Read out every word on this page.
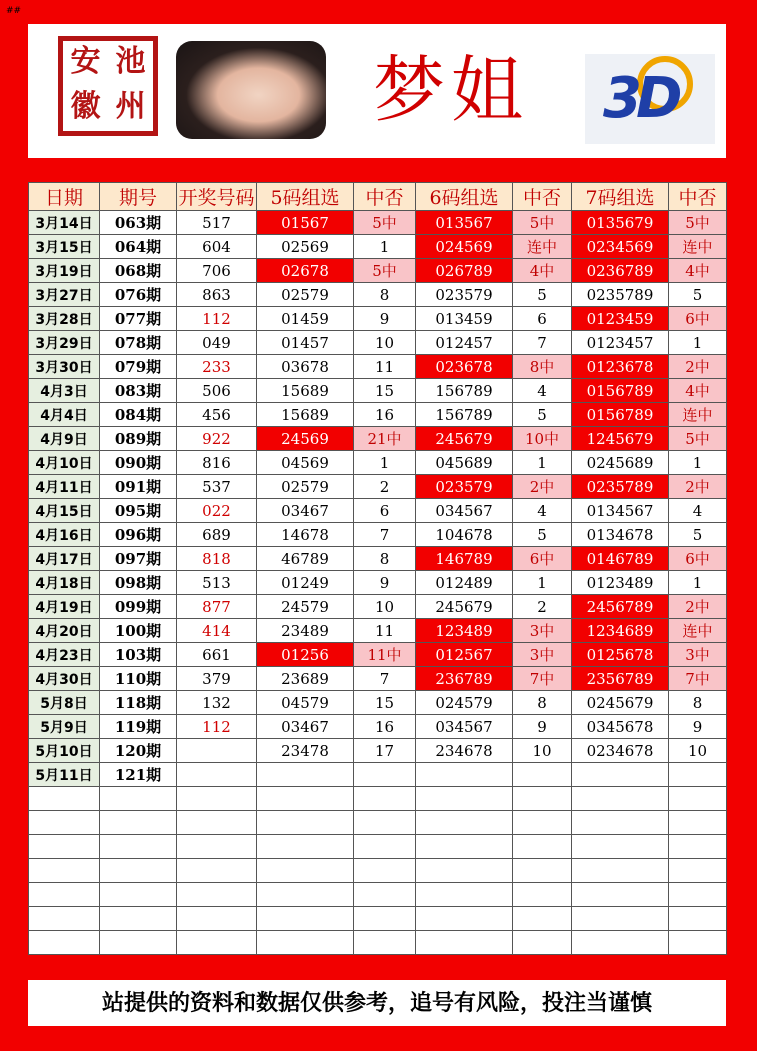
##
安 池
徽 州	梦姐 3D
日期	期号	开奖号码	5码组选	中否	6码组选	中否	7码组选	中否
3月14日	063期	517	01567	5中	013567	5中	0135679	5中
3月15日	064期	604	02569	1	024569	连中	0234569	连中
3月19日	068期	706	02678	5中	026789	4中	0236789	4中
3月27日	076期	863	02579	8	023579	5	0235789	5
3月28日	077期	112	01459	9	013459	6	0123459	6中
3月29日	078期	049	01457	10	012457	7	0123457	1
3月30日	079期	233	03678	11	023678	8中	0123678	2中
4月3日	083期	506	15689	15	156789	4	0156789	4中
4月4日	084期	456	15689	16	156789	5	0156789	连中
4月9日	089期	922	24569	21中	245679	10中	1245679	5中
4月10日	090期	816	04569	1	045689	1	0245689	1
4月11日	091期	537	02579	2	023579	2中	0235789	2中
4月15日	095期	022	03467	6	034567	4	0134567	4
4月16日	096期	689	14678	7	104678	5	0134678	5
4月17日	097期	818	46789	8	146789	6中	0146789	6中
4月18日	098期	513	01249	9	012489	1	0123489	1
4月19日	099期	877	24579	10	245679	2	2456789	2中
4月20日	100期	414	23489	11	123489	3中	1234689	连中
4月23日	103期	661	01256	11中	012567	3中	0125678	3中
4月30日	110期	379	23689	7	236789	7中	2356789	7中
5月8日	118期	132	04579	15	024579	8	0245679	8
5月9日	119期	112	03467	16	034567	9	0345678	9
5月10日	120期		23478	17	234678	10	0234678	10
5月11日	121期							

站提供的资料和数据仅供参考，追号有风险，投注当谨慎
